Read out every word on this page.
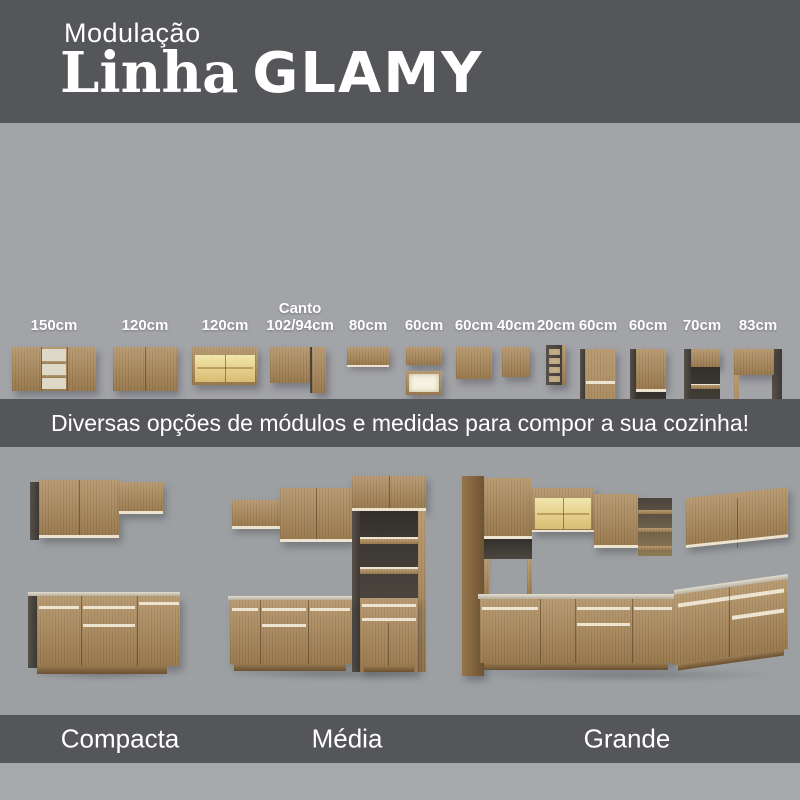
Modulação
Linha GLAMY
150cm	120cm 120cm
Canto
102/94cm 80cm 60cm 60cm 40cm 20cm 60cm 60cm 70cm 83cm
Diversas opções de módulos e medidas para compor a sua cozinha!
Compacta	Média	Grande
